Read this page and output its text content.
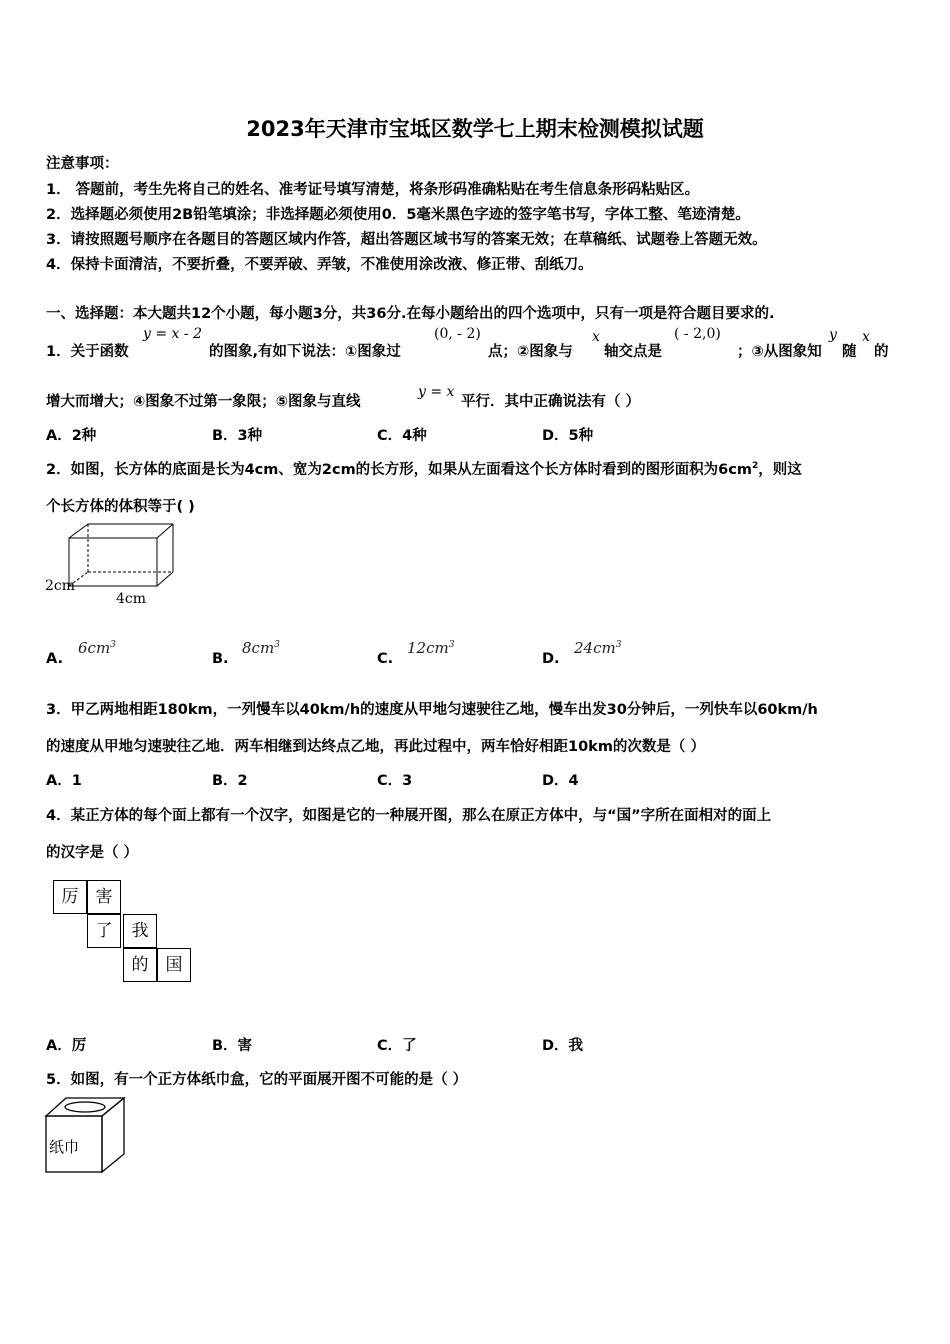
2023年天津市宝坻区数学七上期末检测模拟试题
注意事项：
1． 答题前，考生先将自己的姓名、准考证号填写清楚，将条形码准确粘贴在考生信息条形码粘贴区。
2．选择题必须使用2B铅笔填涂；非选择题必须使用0．5毫米黑色字迹的签字笔书写，字体工整、笔迹清楚。
3．请按照题号顺序在各题目的答题区域内作答，超出答题区域书写的答案无效；在草稿纸、试题卷上答题无效。
4．保持卡面清洁，不要折叠，不要弄破、弄皱，不准使用涂改液、修正带、刮纸刀。
一、选择题：本大题共12个小题，每小题3分，共36分.在每小题给出的四个选项中，只有一项是符合题目要求的.
1．关于函数
y = x - 2
的图象,有如下说法：①图象过
(0, - 2)
点；②图象与
x
轴交点是
( - 2,0)
；③从图象知
y
随
x
的
增大而增大；④图象不过第一象限；⑤图象与直线
y = x
平行．其中正确说法有（ ）
A．2种	B．3种	C．4种	D．5种
2．如图，长方体的底面是长为4cm、宽为2cm的长方形，如果从左面看这个长方体时看到的图形面积为$6cm^2$，则这
个长方体的体积等于( )
2cm
4cm
A.
$6cm^3$
B.
$8cm^3$
C.
$12cm^3$
D.
$24cm^3$
3．甲乙两地相距180km，一列慢车以40km/h的速度从甲地匀速驶往乙地，慢车出发30分钟后，一列快车以60km/h
的速度从甲地匀速驶往乙地．两车相继到达终点乙地，再此过程中，两车恰好相距10km的次数是（ ）
A．1	B．2	C．3	D．4
4．某正方体的每个面上都有一个汉字，如图是它的一种展开图，那么在原正方体中，与“国”字所在面相对的面上
的汉字是（ ）
厉	害
了	我
的	国
A．厉	B．害	C．了	D．我
5．如图，有一个正方体纸巾盒，它的平面展开图不可能的是（ ）
纸巾
